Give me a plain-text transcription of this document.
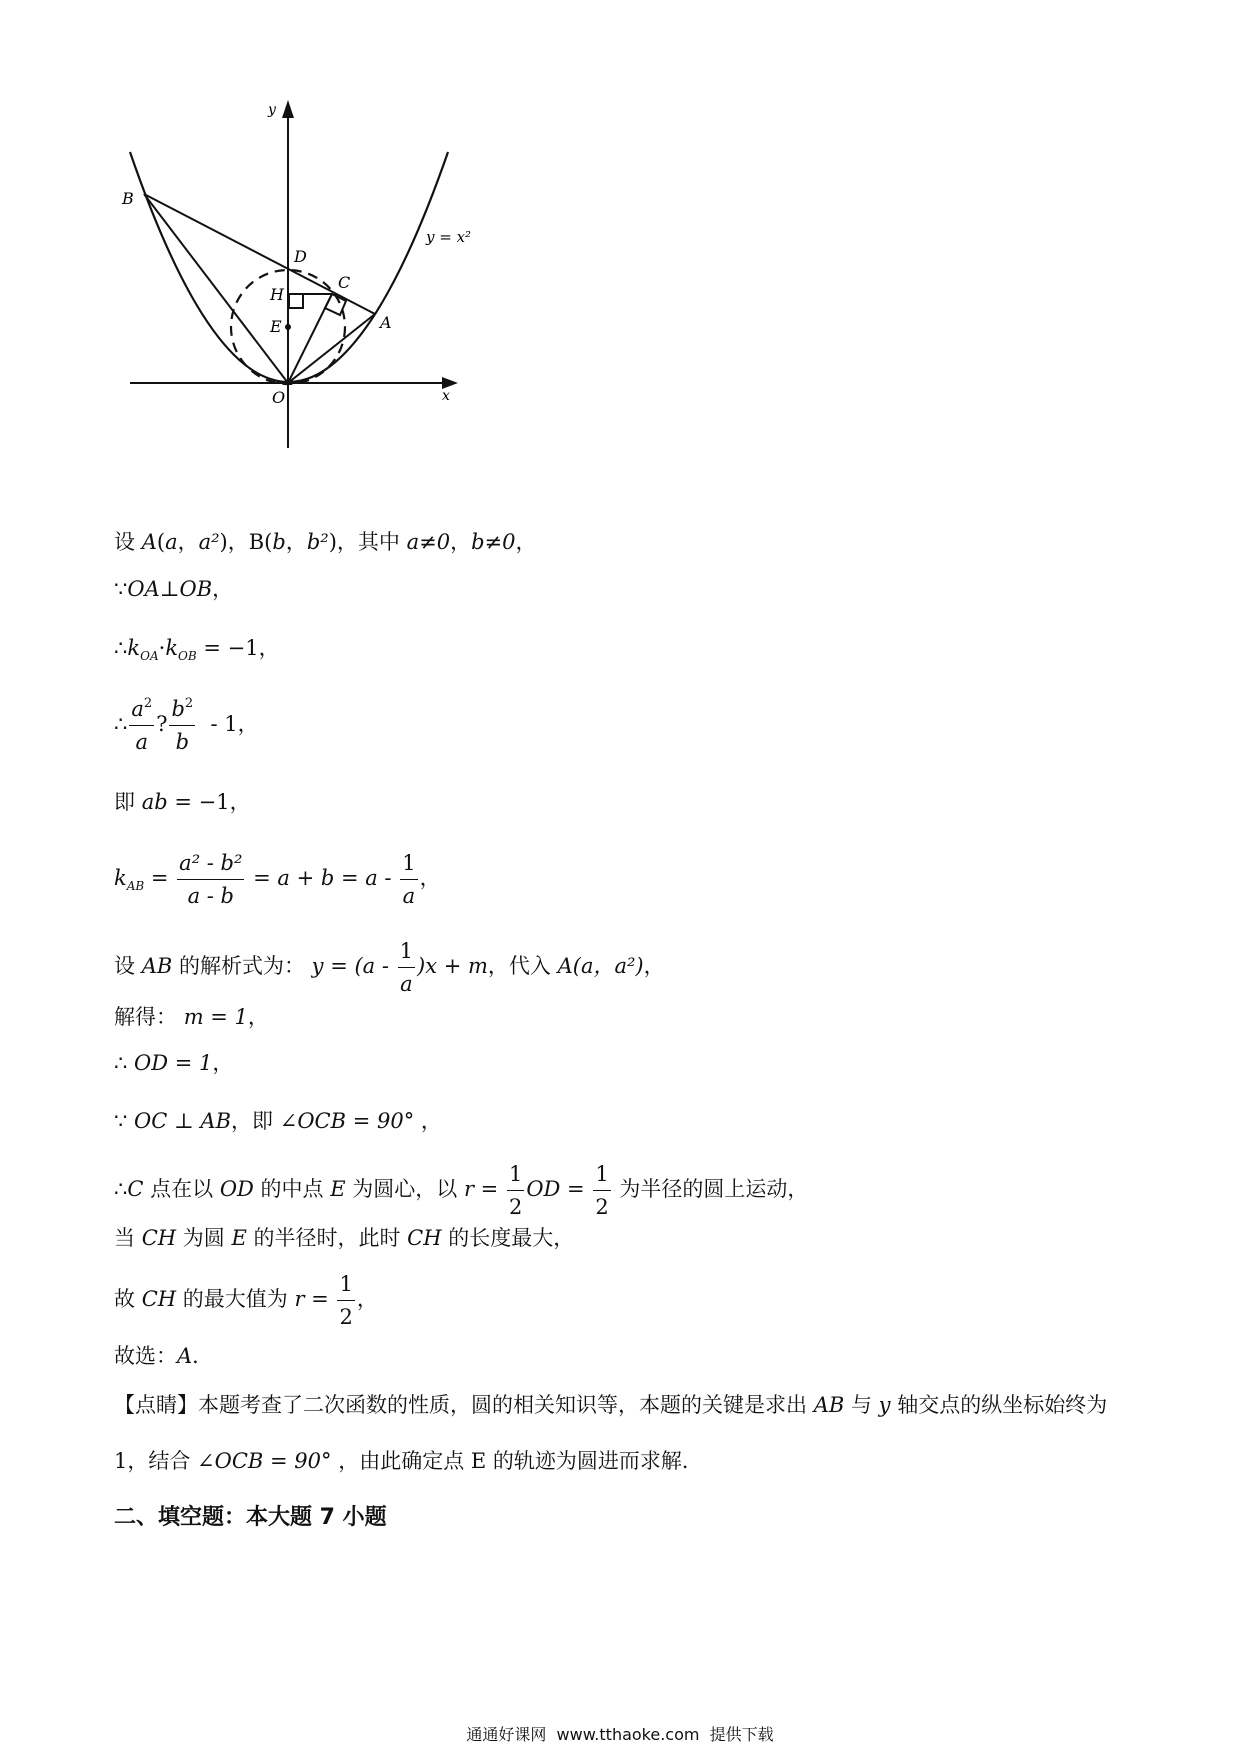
y
x
O
B
D
H
E
C
A
y = x²
设 A(a，a²)，B(b，b²)，其中 a≠0，b≠0，
∵OA⊥OB，
$\therefore k_{OA}\cdot k_{OB} = -1$，
∴ $\frac{a^2}{a}$ ? $\frac{b^2}{b} - 1$，
即 ab = −1，
$k_{AB} = \frac{\text{a² - b²}}{a - b} = a + b = a - \frac{1}{a}$ ，
设 AB 的解析式为： $y = (a - \frac{1}{a} )x + m$，代入 A(a，a²)，
解得： m = 1，
∴ OD = 1，
∵ OC ⊥ AB，即 ∠OCB = 90° ，
∴C 点在以 OD 的中点 E 为圆心，以 $r = \frac{1}{2}$ OD = $\frac{1}{2}$ 为半径的圆上运动，
当 CH 为圆 E 的半径时，此时 CH 的长度最大，
故 CH 的最大值为 $r = \frac{1}{2}$ ，
故选：A．
【点睛】本题考查了二次函数的性质，圆的相关知识等，本题的关键是求出 AB 与 y 轴交点的纵坐标始终为
1，结合 ∠OCB = 90° ，由此确定点 E 的轨迹为圆进而求解．
二、填空题：本大题 7 小题
通通好课网  www.tthaoke.com  提供下载
